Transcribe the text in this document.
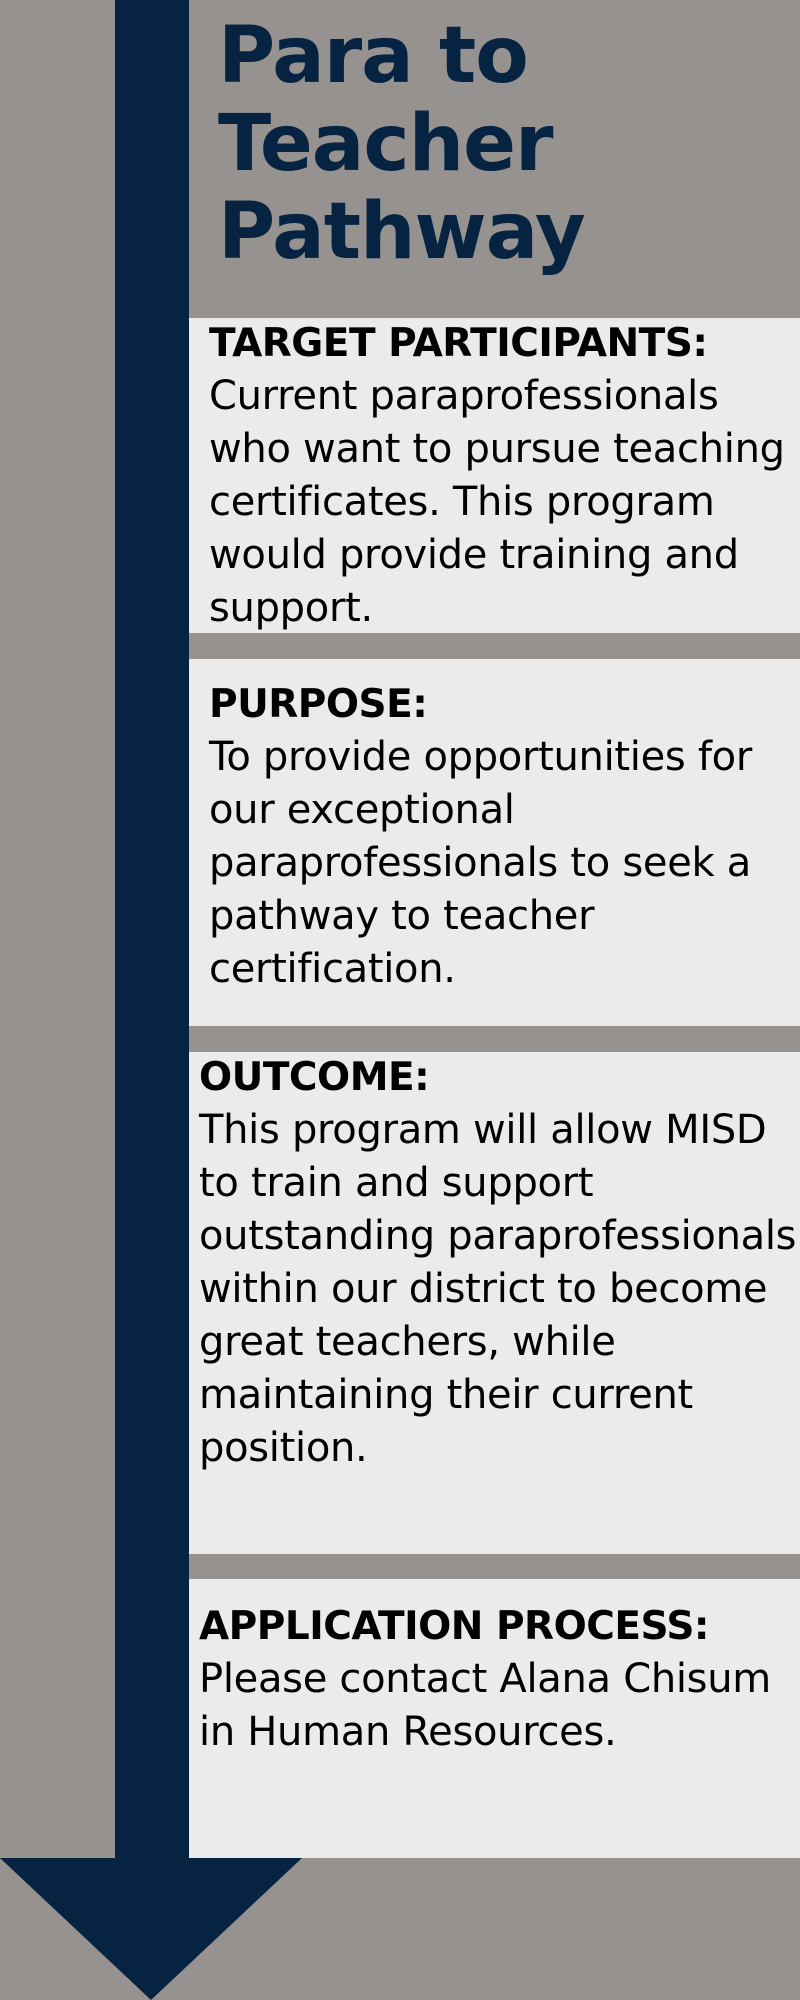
Para to
Teacher
Pathway
TARGET PARTICIPANTS:
Current paraprofessionals who want to pursue teaching certificates. This program would provide training and support.
PURPOSE:
To provide opportunities for our exceptional paraprofessionals to seek a pathway to teacher certification.
OUTCOME:
This program will allow MISD to train and support outstanding paraprofessionals within our district to become great teachers, while maintaining their current position.
APPLICATION PROCESS:
Please contact Alana Chisum in Human Resources.
